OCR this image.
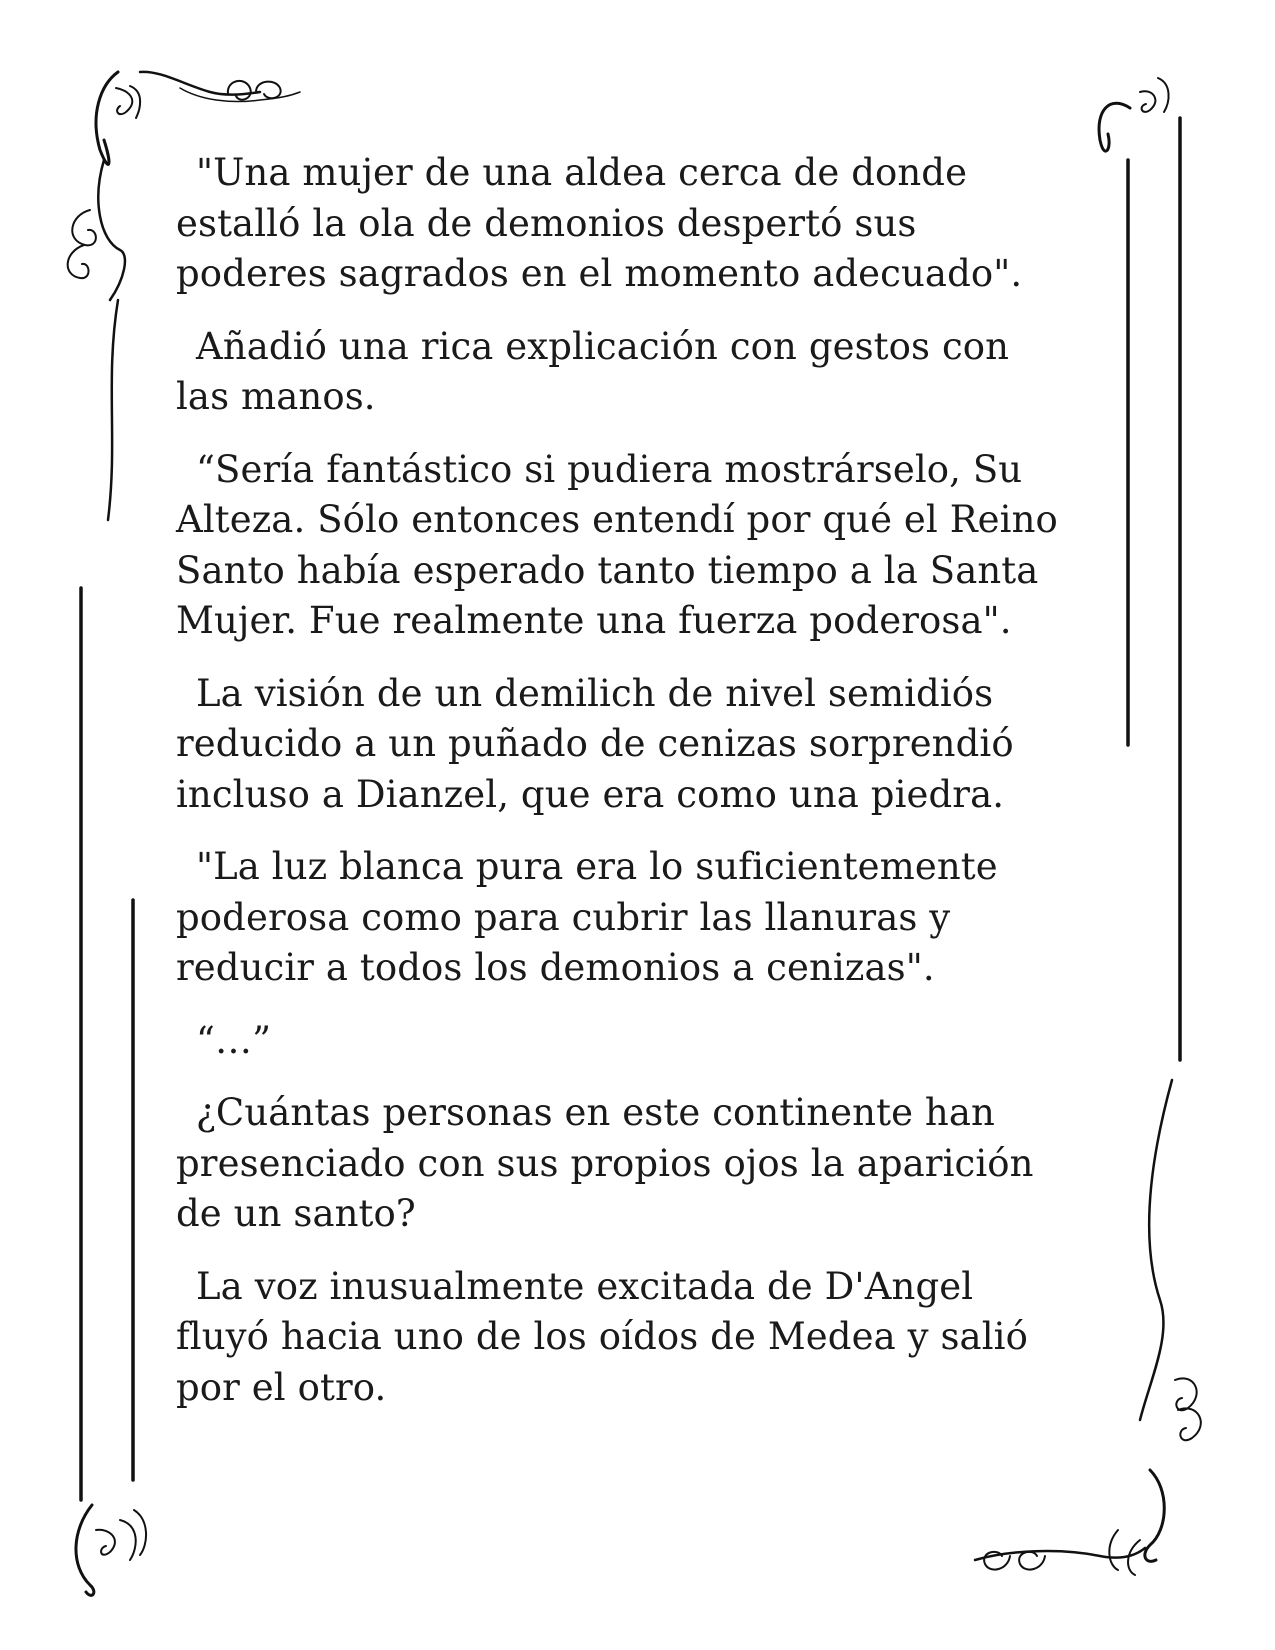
"Una mujer de una aldea cerca de donde
estalló la ola de demonios despertó sus
poderes sagrados en el momento adecuado".

Añadió una rica explicación con gestos con
las manos.

“Sería fantástico si pudiera mostrárselo, Su
Alteza. Sólo entonces entendí por qué el Reino
Santo había esperado tanto tiempo a la Santa
Mujer. Fue realmente una fuerza poderosa".

La visión de un demilich de nivel semidiós
reducido a un puñado de cenizas sorprendió
incluso a Dianzel, que era como una piedra.

"La luz blanca pura era lo suficientemente
poderosa como para cubrir las llanuras y
reducir a todos los demonios a cenizas".

“…”

¿Cuántas personas en este continente han
presenciado con sus propios ojos la aparición
de un santo?

La voz inusualmente excitada de D'Angel
fluyó hacia uno de los oídos de Medea y salió
por el otro.
